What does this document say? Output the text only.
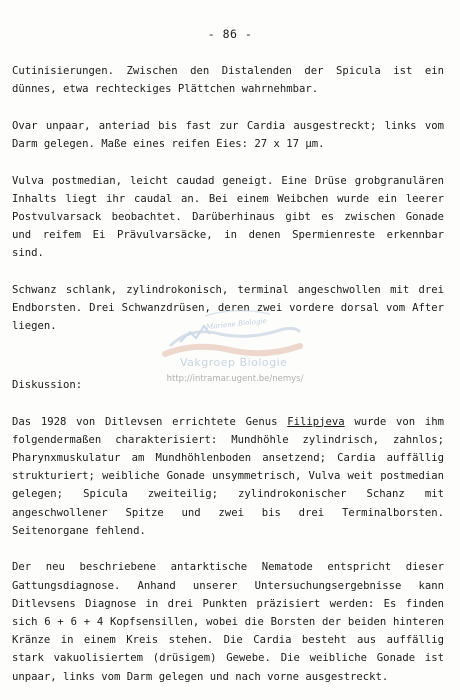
- 86 -

Cutinisierungen. Zwischen den Distalenden der Spicula ist ein dünnes, etwa rechteckiges Plättchen wahrnehmbar.

Ovar unpaar, anteriad bis fast zur Cardia ausgestreckt; links vom Darm gelegen. Maße eines reifen Eies: 27 x 17 µm.

Vulva postmedian, leicht caudad geneigt. Eine Drüse grobgranulären Inhalts liegt ihr caudal an. Bei einem Weibchen wurde ein leerer Postvulvarsack beobachtet. Darüberhinaus gibt es zwischen Gonade und reifem Ei Prävulvarsäcke, in denen Spermienreste erkennbar sind.

Schwanz schlank, zylindrokonisch, terminal angeschwollen mit drei Endborsten. Drei Schwanzdrüsen, deren zwei vordere dorsal vom After liegen.

Diskussion:

Das 1928 von Ditlevsen errichtete Genus Filipjeva wurde von ihm folgendermaßen charakterisiert: Mundhöhle zylindrisch, zahnlos; Pharynxmuskulatur am Mundhöhlenboden ansetzend; Cardia auffällig strukturiert; weibliche Gonade unsymmetrisch, Vulva weit postmedian gelegen; Spicula zweiteilig; zylindrokonischer Schanz mit angeschwollener Spitze und zwei bis drei Terminalborsten. Seitenorgane fehlend.

Der neu beschriebene antarktische Nematode entspricht dieser Gattungsdiagnose. Anhand unserer Untersuchungsergebnisse kann Ditlevsens Diagnose in drei Punkten präzisiert werden: Es finden sich 6 + 6 + 4 Kopfsensillen, wobei die Borsten der beiden hinteren Kränze in einem Kreis stehen. Die Cardia besteht aus auffällig stark vakuolisiertem (drüsigem) Gewebe. Die weibliche Gonade ist unpaar, links vom Darm gelegen und nach vorne ausgestreckt.

Mariene Biologie
Vakgroep Biologie
http://intramar.ugent.be/nemys/
